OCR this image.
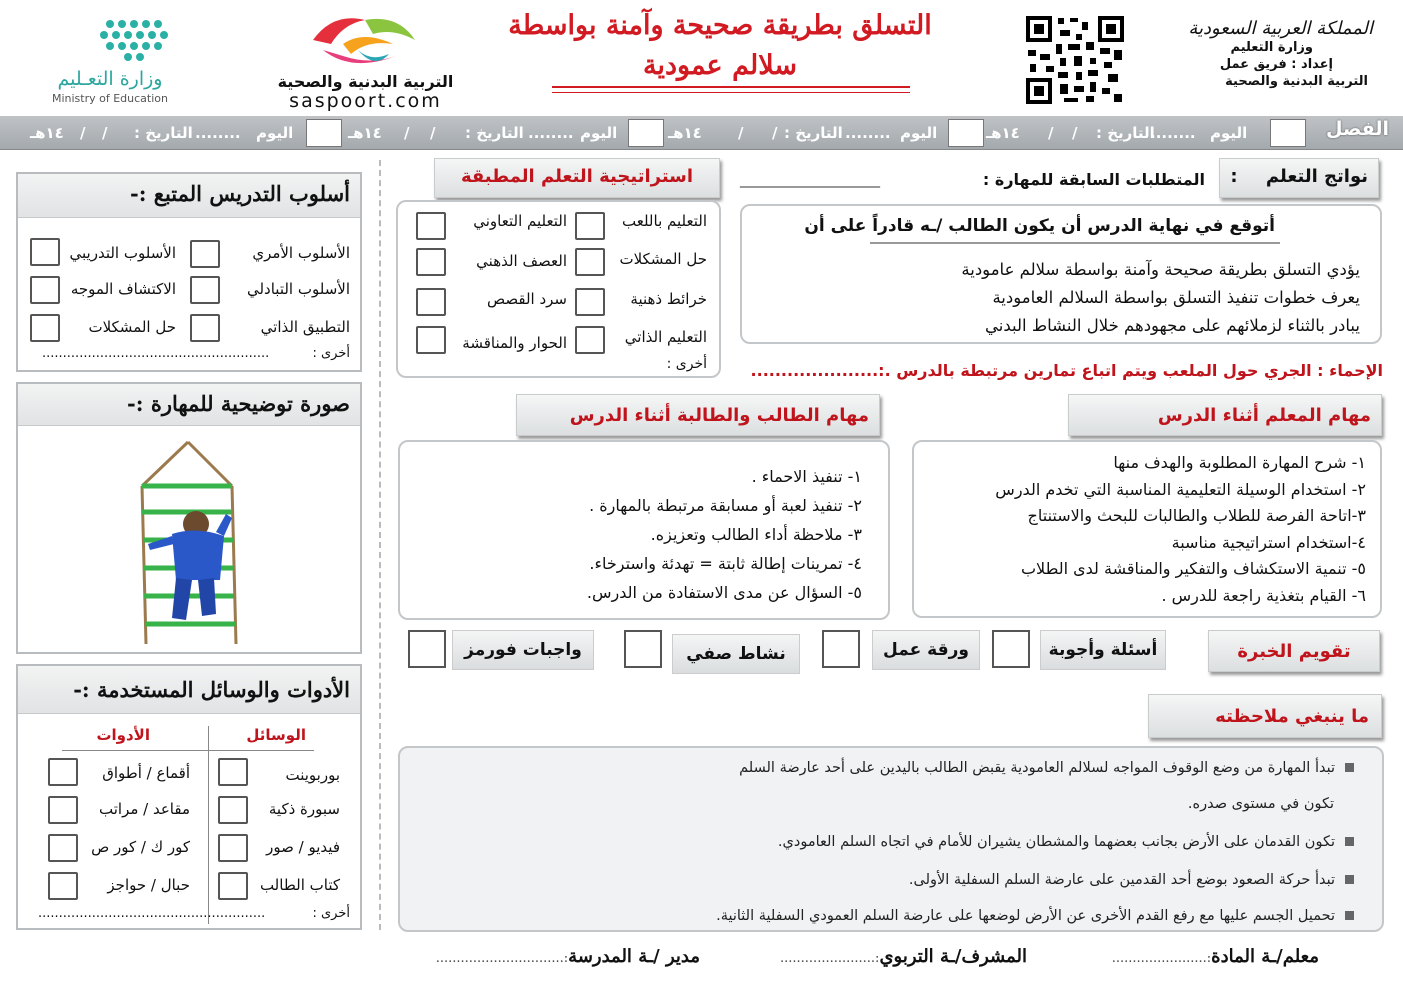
وزارة التعـليم
Ministry of Education
التربية البدنية والصحية
saspoort.com
التسلق بطريقة صحيحة وآمنة بواسطة
سلالم عمودية
المملكة العربية السعودية
وزارة التعليم
إعداد : فريق عمل
التربية البدنية والصحية
الفصل
اليوم
........
التاريخ :
/
/
١٤هـ
اليوم
........
التاريخ :
/
/
١٤هـ
اليوم
........
التاريخ :
/
/
١٤هـ
اليوم
........
التاريخ :
/
/
١٤هـ
نواتج التعلم :
المتطلبات السابقة للمهارة :
____________________
أتوقع في نهاية الدرس أن يكون الطالب /ـه قادراً على أن
يؤدي التسلق بطريقة صحيحة وآمنة بواسطة سلالم عامودية
يعرف خطوات تنفيذ التسلق بواسطة السلالم العامودية
يبادر بالثناء لزملائهم على مجهودهم خلال النشاط البدني
استراتيجية التعلم المطبقة
التعليم باللعب
حل المشكلات
خرائط ذهنية
التعليم الذاتي
التعليم التعاوني
العصف الذهني
سرد القصص
الحوار والمناقشة
أخرى :	الإحماء : الجري حول الملعب ويتم اتباع تمارين مرتبطة بالدرس .:.....................
مهام المعلم أثناء الدرس
١- شرح المهارة المطلوبة والهدف منها
٢- استخدام الوسيلة التعليمية المناسبة التي تخدم الدرس
٣-اتاحة الفرصة للطلاب والطالبات للبحث والاستنتاج
٤-استخدام استراتيجية مناسبة
٥- تنمية الاستكشاف والتفكير والمناقشة لدى الطلاب
٦- القيام بتغذية راجعة للدرس .
مهام الطالب والطالبة أثناء الدرس
١- تنفيذ الاحماء .
٢- تنفيذ لعبة أو مسابقة مرتبطة بالمهارة .
٣- ملاحظة أداء الطالب وتعزيزه.
٤- تمرينات إطالة ثابتة = تهدئة واسترخاء.
٥- السؤال عن مدى الاستفادة من الدرس.
تقويم الخبرة
أسئلة وأجوبة
ورقة عمل
نشاط صفي
واجبات فورمز
ما ينبغي ملاحظته
تبدأ المهارة من وضع الوقوف المواجه لسلالم العامودية يقبض الطالب باليدين على أحد عارضة السلم
تكون في مستوى صدره.
تكون القدمان على الأرض بجانب بعضهما والمشطان يشيران للأمام في اتجاه السلم العامودي.
تبدأ حركة الصعود بوضع أحد القدمين على عارضة السلم السفلية الأولى.
تحميل الجسم عليها مع رفع القدم الأخرى عن الأرض لوضعها على عارضة السلم العمودي السفلية الثانية.
أسلوب التدريس المتبع :-
الأسلوب الأمري
الأسلوب التبادلي
التطبيق الذاتي
الأسلوب التدريبي
الاكتشاف الموجه
حل المشكلات
أخرى :
.......................................................
صورة توضيحية للمهارة :-
الأدوات والوسائل المستخدمة :-
الوسائل
الأدوات
بوربوينت
سبورة ذكية
فيديو / صور
كتاب الطالب
أقماع / أطواق
مقاعد / مراتب
كور ك / كور ص
حبال / حواجز
أخرى :
.......................................................
معلم/ـة المادة:.......................
المشرف/ـة التربوي:.......................
مدير /ـة المدرسة:...............................
